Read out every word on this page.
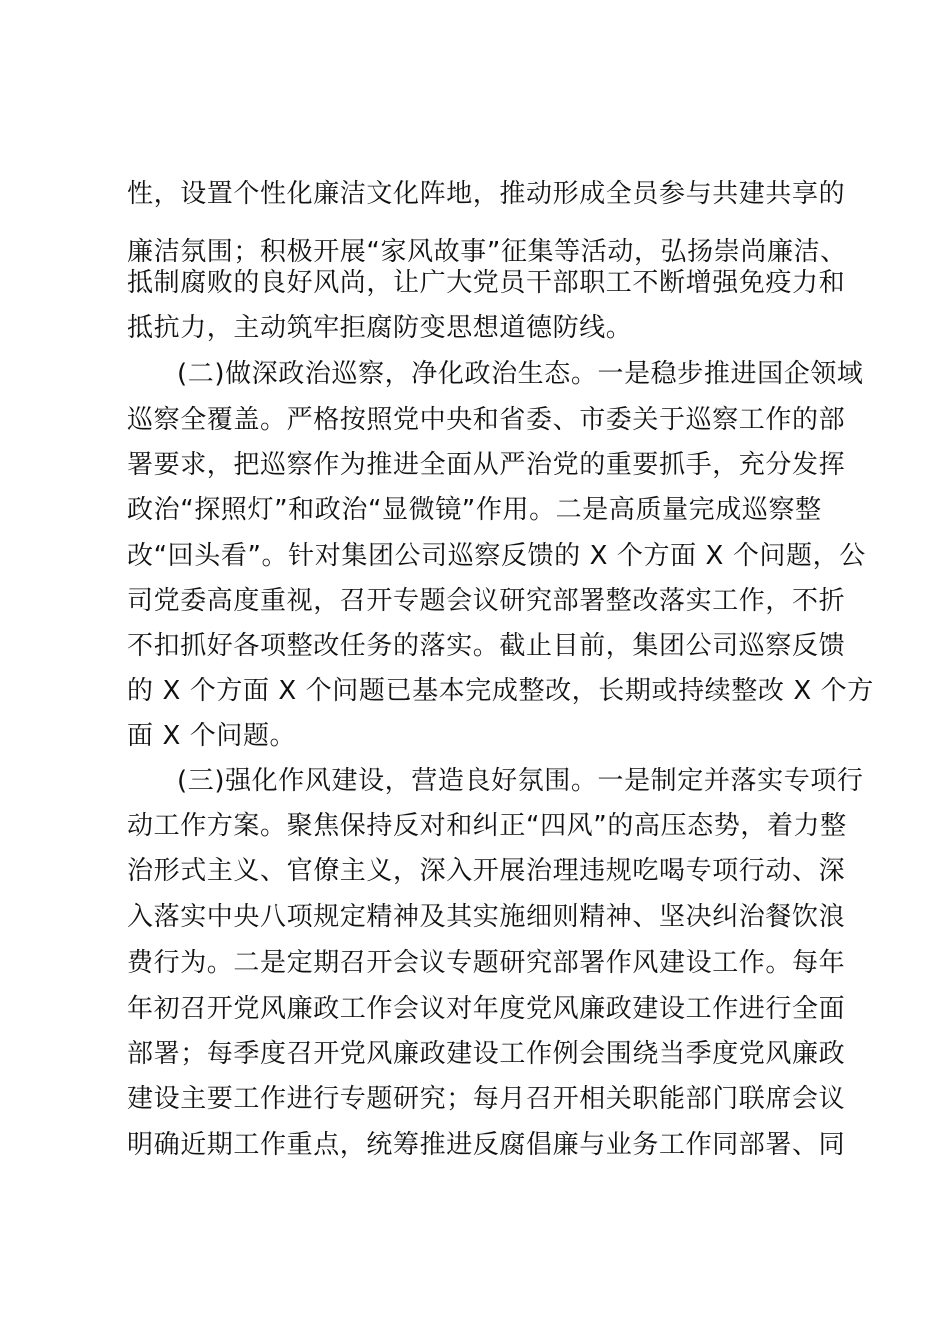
性，设置个性化廉洁文化阵地，推动形成全员参与共建共享的
廉洁氛围；积极开展“家风故事”征集等活动，弘扬崇尚廉洁、
抵制腐败的良好风尚，让广大党员干部职工不断增强免疫力和
抵抗力，主动筑牢拒腐防变思想道德防线。
(二)做深政治巡察，净化政治生态。一是稳步推进国企领域
巡察全覆盖。严格按照党中央和省委、市委关于巡察工作的部
署要求，把巡察作为推进全面从严治党的重要抓手，充分发挥
政治“探照灯”和政治“显微镜”作用。二是高质量完成巡察整
改“回头看”。针对集团公司巡察反馈的 X 个方面 X 个问题，公
司党委高度重视，召开专题会议研究部署整改落实工作，不折
不扣抓好各项整改任务的落实。截止目前，集团公司巡察反馈
的 X 个方面 X 个问题已基本完成整改，长期或持续整改 X 个方
面 X 个问题。
(三)强化作风建设，营造良好氛围。一是制定并落实专项行
动工作方案。聚焦保持反对和纠正“四风”的高压态势，着力整
治形式主义、官僚主义，深入开展治理违规吃喝专项行动、深
入落实中央八项规定精神及其实施细则精神、坚决纠治餐饮浪
费行为。二是定期召开会议专题研究部署作风建设工作。每年
年初召开党风廉政工作会议对年度党风廉政建设工作进行全面
部署；每季度召开党风廉政建设工作例会围绕当季度党风廉政
建设主要工作进行专题研究；每月召开相关职能部门联席会议
明确近期工作重点，统筹推进反腐倡廉与业务工作同部署、同
